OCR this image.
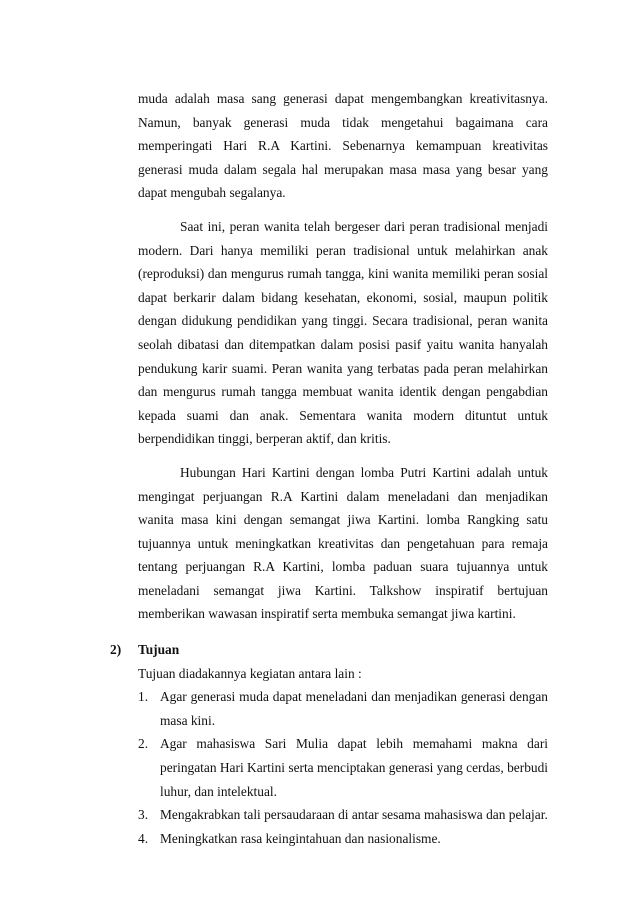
muda adalah masa sang generasi dapat mengembangkan kreativitasnya. Namun, banyak generasi muda tidak mengetahui bagaimana cara memperingati Hari R.A Kartini. Sebenarnya kemampuan kreativitas generasi muda dalam segala hal merupakan masa masa yang besar yang dapat mengubah segalanya.

Saat ini, peran wanita telah bergeser dari peran tradisional menjadi modern. Dari hanya memiliki peran tradisional untuk melahirkan anak (reproduksi) dan mengurus rumah tangga, kini wanita memiliki peran sosial dapat berkarir dalam bidang kesehatan, ekonomi, sosial, maupun politik dengan didukung pendidikan yang tinggi. Secara tradisional, peran wanita seolah dibatasi dan ditempatkan dalam posisi pasif yaitu wanita hanyalah pendukung karir suami. Peran wanita yang terbatas pada peran melahirkan dan mengurus rumah tangga membuat wanita identik dengan pengabdian kepada suami dan anak. Sementara wanita modern dituntut untuk berpendidikan tinggi, berperan aktif, dan kritis.

Hubungan Hari Kartini dengan lomba Putri Kartini adalah untuk mengingat perjuangan R.A Kartini dalam meneladani dan menjadikan wanita masa kini dengan semangat jiwa Kartini. lomba Rangking satu tujuannya untuk meningkatkan kreativitas dan pengetahuan para remaja tentang perjuangan R.A Kartini, lomba paduan suara tujuannya untuk meneladani semangat jiwa Kartini. Talkshow inspiratif bertujuan memberikan wawasan inspiratif serta membuka semangat jiwa kartini.

2) Tujuan

Tujuan diadakannya kegiatan antara lain :

1. Agar generasi muda dapat meneladani dan menjadikan generasi dengan masa kini.
2. Agar mahasiswa Sari Mulia dapat lebih memahami makna dari peringatan Hari Kartini serta menciptakan generasi yang cerdas, berbudi luhur, dan intelektual.
3. Mengakrabkan tali persaudaraan di antar sesama mahasiswa dan pelajar.
4. Meningkatkan rasa keingintahuan dan nasionalisme.
